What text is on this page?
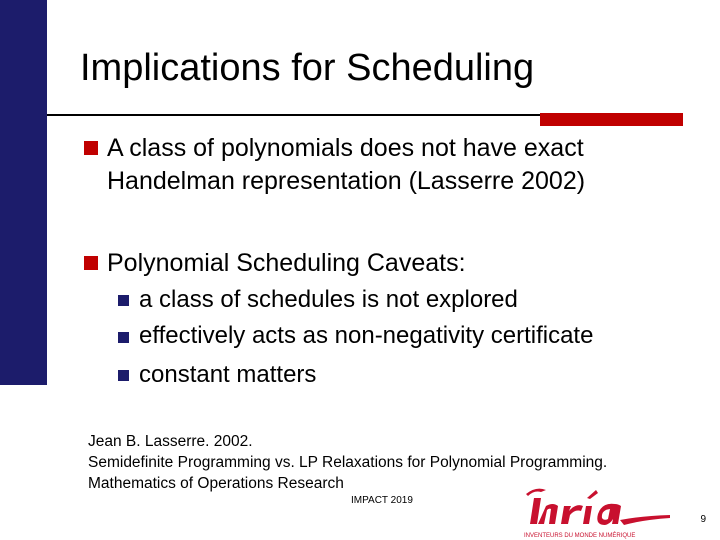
Implications for Scheduling
A class of polynomials does not have exact
Handelman representation (Lasserre 2002)
Polynomial Scheduling Caveats:
a class of schedules is not explored
effectively acts as non-negativity certificate
constant matters
Jean B. Lasserre. 2002.
Semidefinite Programming vs. LP Relaxations for Polynomial Programming.
Mathematics of Operations Research
IMPACT 2019
INVENTEURS DU MONDE NUMÉRIQUE
9
